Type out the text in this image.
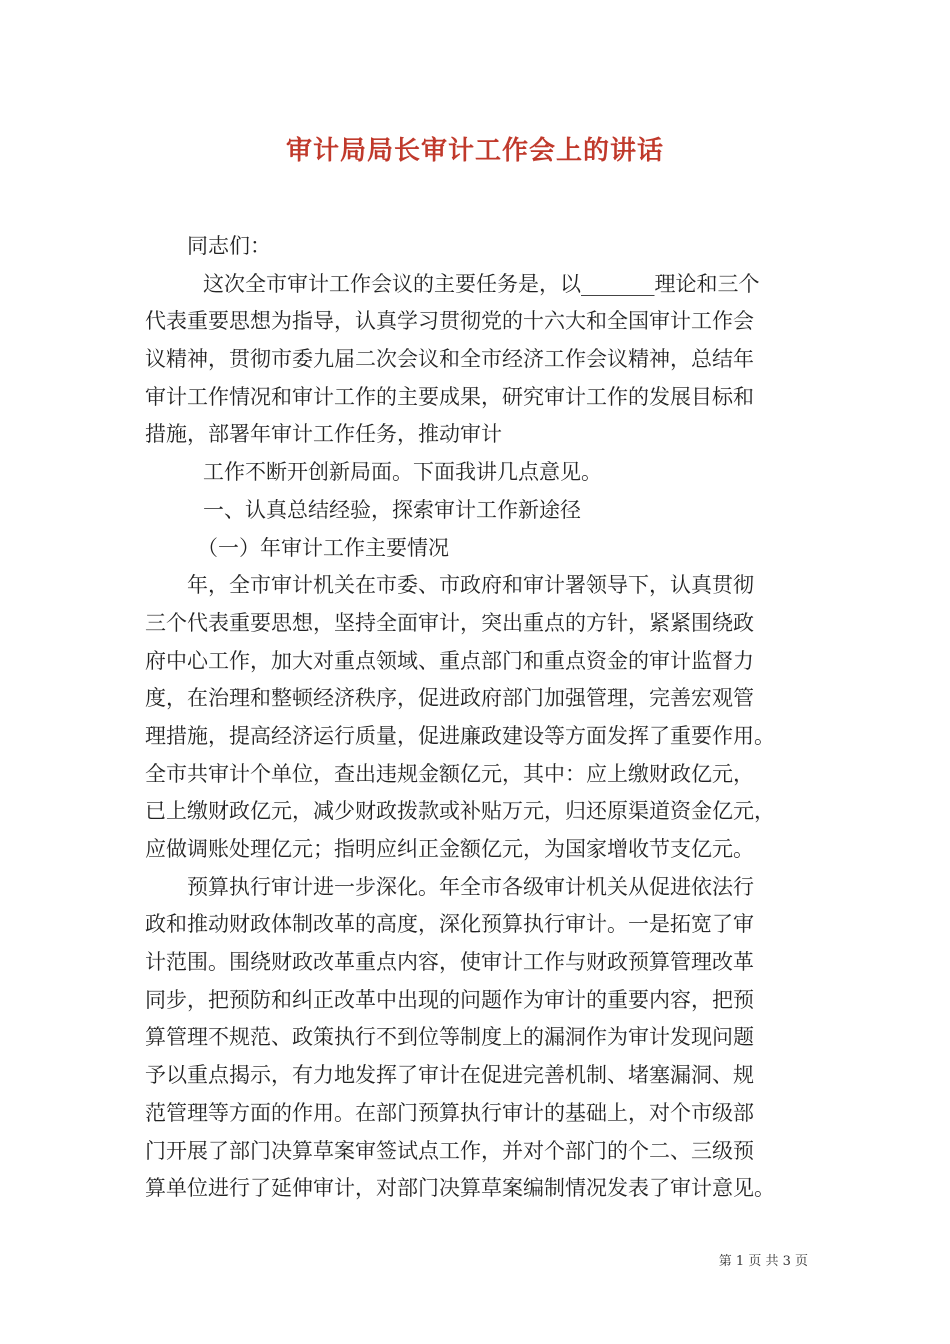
审计局局长审计工作会上的讲话
同志们：
这次全市审计工作会议的主要任务是，以_______理论和三个
代表重要思想为指导，认真学习贯彻党的十六大和全国审计工作会
议精神，贯彻市委九届二次会议和全市经济工作会议精神，总结年
审计工作情况和审计工作的主要成果，研究审计工作的发展目标和
措施，部署年审计工作任务，推动审计
工作不断开创新局面。下面我讲几点意见。
一、认真总结经验，探索审计工作新途径
（一）年审计工作主要情况
年，全市审计机关在市委、市政府和审计署领导下，认真贯彻
三个代表重要思想，坚持全面审计，突出重点的方针，紧紧围绕政
府中心工作，加大对重点领域、重点部门和重点资金的审计监督力
度，在治理和整顿经济秩序，促进政府部门加强管理，完善宏观管
理措施，提高经济运行质量，促进廉政建设等方面发挥了重要作用。
全市共审计个单位，查出违规金额亿元，其中：应上缴财政亿元，
已上缴财政亿元，减少财政拨款或补贴万元，归还原渠道资金亿元，
应做调账处理亿元；指明应纠正金额亿元，为国家增收节支亿元。
预算执行审计进一步深化。年全市各级审计机关从促进依法行
政和推动财政体制改革的高度，深化预算执行审计。一是拓宽了审
计范围。围绕财政改革重点内容，使审计工作与财政预算管理改革
同步，把预防和纠正改革中出现的问题作为审计的重要内容，把预
算管理不规范、政策执行不到位等制度上的漏洞作为审计发现问题
予以重点揭示，有力地发挥了审计在促进完善机制、堵塞漏洞、规
范管理等方面的作用。在部门预算执行审计的基础上，对个市级部
门开展了部门决算草案审签试点工作，并对个部门的个二、三级预
算单位进行了延伸审计，对部门决算草案编制情况发表了审计意见。
第 1 页 共 3 页
